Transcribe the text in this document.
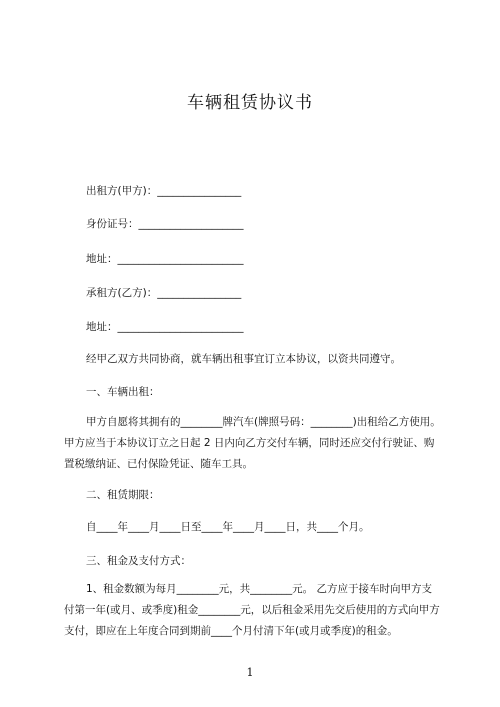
车辆租赁协议书
出租方(甲方)：________________
身份证号：____________________
地址：________________________
承租方(乙方)：________________
地址：________________________
经甲乙双方共同协商，就车辆出租事宜订立本协议，以资共同遵守。
一、车辆出租：
甲方自愿将其拥有的________牌汽车(牌照号码：________)出租给乙方使用。甲方应当于本协议订立之日起 2 日内向乙方交付车辆，同时还应交付行驶证、购置税缴纳证、已付保险凭证、随车工具。
二、租赁期限：
自____年____月____日至____年____月____日，共____个月。
三、租金及支付方式：
1、租金数额为每月________元，共________元。 乙方应于接车时向甲方支付第一年(或月、或季度)租金________元，以后租金采用先交后使用的方式向甲方支付，即应在上年度合同到期前____个月付清下年(或月或季度)的租金。
1
